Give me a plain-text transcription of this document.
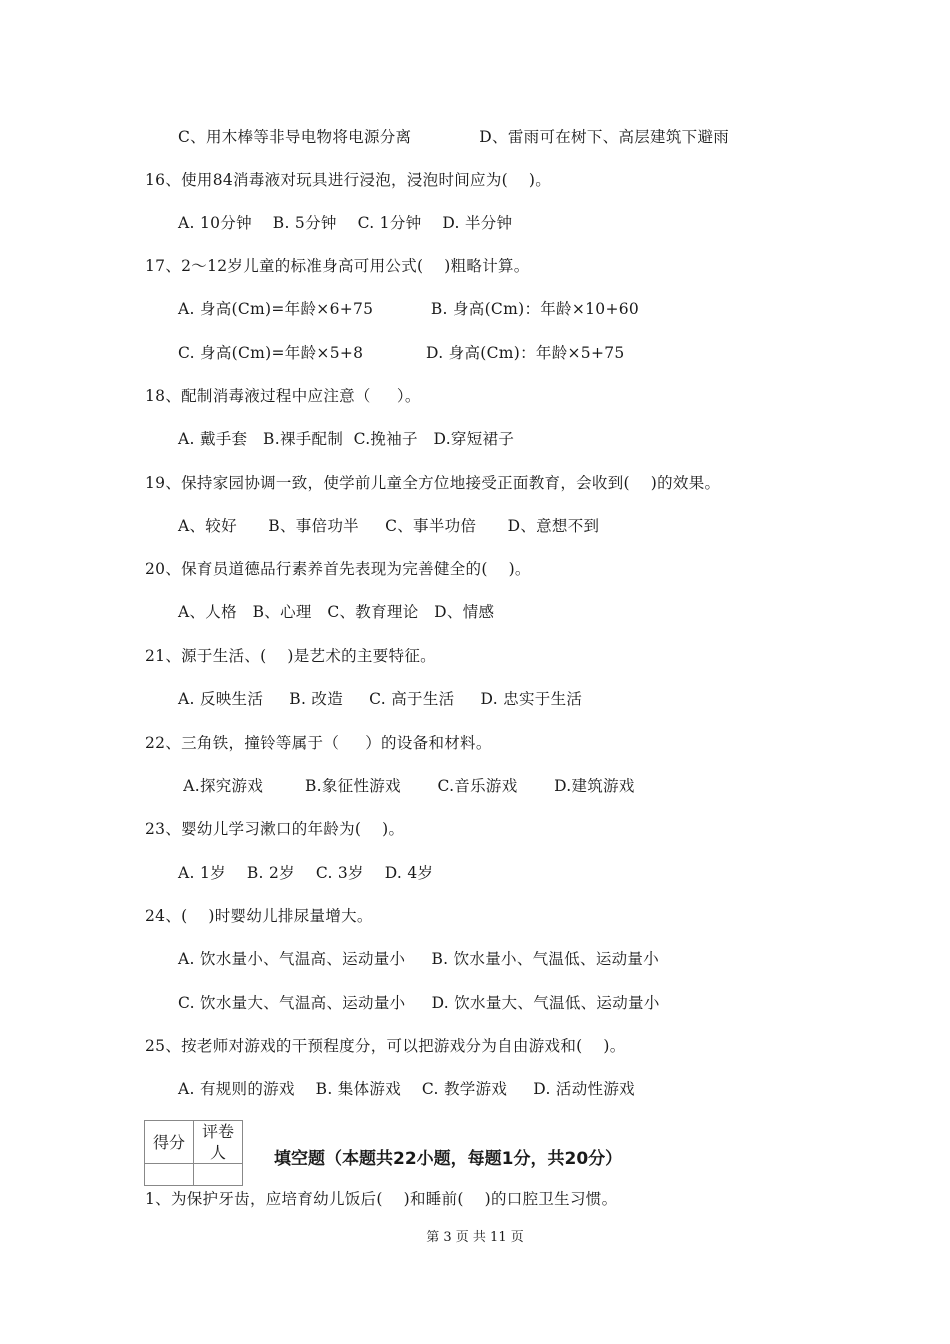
C、用木棒等非导电物将电源分离             D、雷雨可在树下、高层建筑下避雨
16、使用84消毒液对玩具进行浸泡，浸泡时间应为(    )。
A. 10分钟    B. 5分钟    C. 1分钟    D. 半分钟
17、2～12岁儿童的标准身高可用公式(    )粗略计算。
A. 身高(Cm)=年龄×6+75           B. 身高(Cm)：年龄×10+60
C. 身高(Cm)=年龄×5+8            D. 身高(Cm)：年龄×5+75
18、配制消毒液过程中应注意（     ）。
A. 戴手套   B.裸手配制  C.挽袖子   D.穿短裙子
19、保持家园协调一致，使学前儿童全方位地接受正面教育，会收到(    )的效果。
A、较好      B、事倍功半     C、事半功倍      D、意想不到
20、保育员道德品行素养首先表现为完善健全的(    )。
A、人格   B、心理   C、教育理论   D、情感
21、源于生活、(    )是艺术的主要特征。
A. 反映生活     B. 改造     C. 高于生活     D. 忠实于生活
22、三角铁，撞铃等属于（     ）的设备和材料。
A.探究游戏        B.象征性游戏       C.音乐游戏       D.建筑游戏
23、婴幼儿学习漱口的年龄为(    )。
A. 1岁    B. 2岁    C. 3岁    D. 4岁
24、(    )时婴幼儿排尿量增大。
A. 饮水量小、气温高、运动量小     B. 饮水量小、气温低、运动量小
C. 饮水量大、气温高、运动量小     D. 饮水量大、气温低、运动量小
25、按老师对游戏的干预程度分，可以把游戏分为自由游戏和(    )。
A. 有规则的游戏    B. 集体游戏    C. 教学游戏     D. 活动性游戏
得分	评卷人
		填空题（本题共22小题，每题1分，共20分）
1、为保护牙齿，应培育幼儿饭后(    )和睡前(    )的口腔卫生习惯。
第 3 页 共 11 页
